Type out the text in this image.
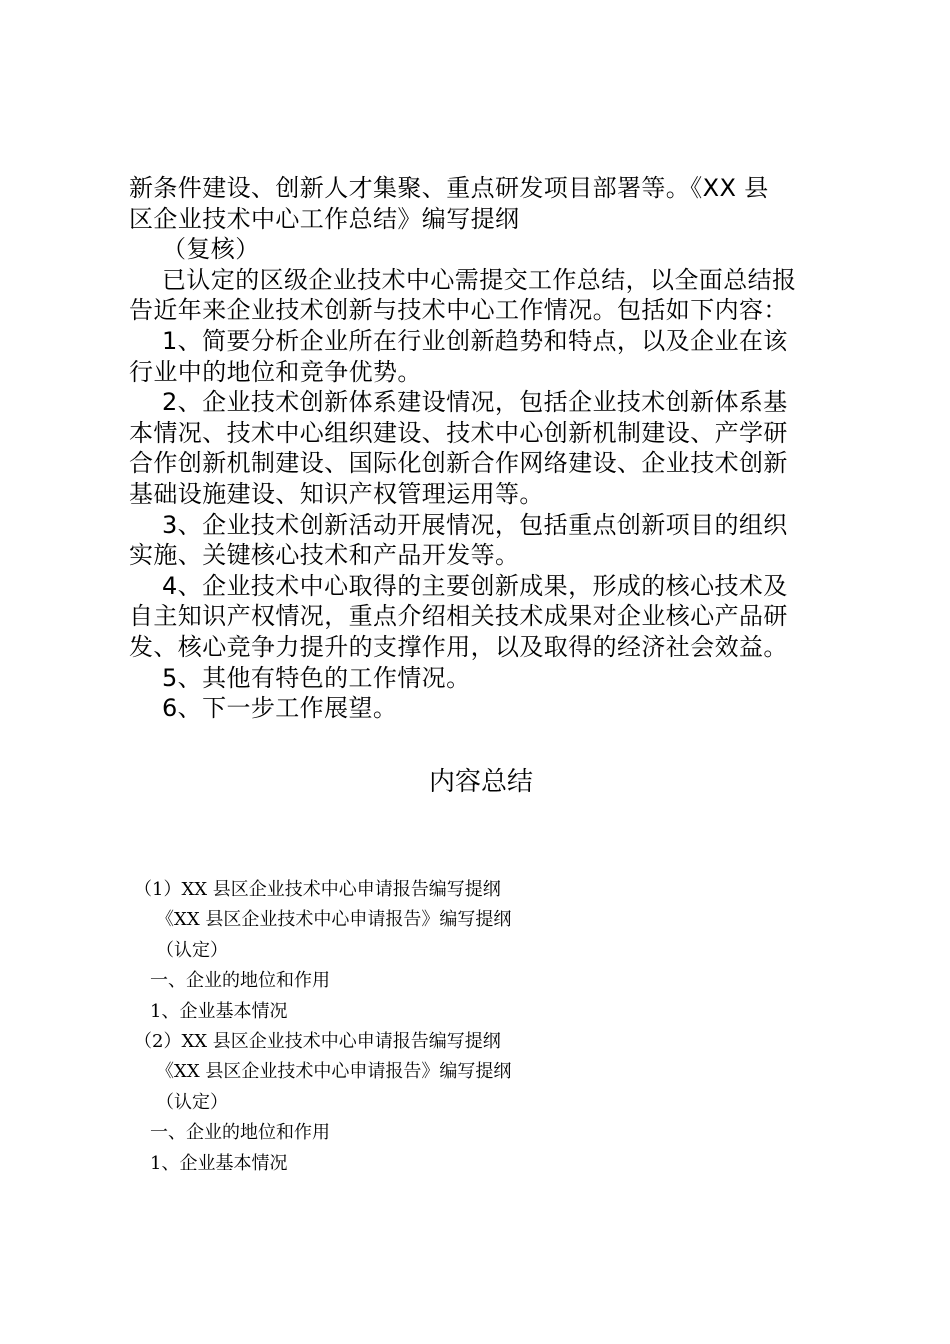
新条件建设、创新人才集聚、重点研发项目部署等。《XX 县

区企业技术中心工作总结》编写提纲

（复核）

已认定的区级企业技术中心需提交工作总结，以全面总结报

告近年来企业技术创新与技术中心工作情况。包括如下内容：

1、简要分析企业所在行业创新趋势和特点，以及企业在该

行业中的地位和竞争优势。

2、企业技术创新体系建设情况，包括企业技术创新体系基

本情况、技术中心组织建设、技术中心创新机制建设、产学研

合作创新机制建设、国际化创新合作网络建设、企业技术创新

基础设施建设、知识产权管理运用等。

3、企业技术创新活动开展情况，包括重点创新项目的组织

实施、关键核心技术和产品开发等。

4、企业技术中心取得的主要创新成果，形成的核心技术及

自主知识产权情况，重点介绍相关技术成果对企业核心产品研

发、核心竞争力提升的支撑作用，以及取得的经济社会效益。

5、其他有特色的工作情况。

6、下一步工作展望。

内容总结

（1）XX 县区企业技术中心申请报告编写提纲

《XX 县区企业技术中心申请报告》编写提纲

（认定）

一、企业的地位和作用

1、企业基本情况

（2）XX 县区企业技术中心申请报告编写提纲

《XX 县区企业技术中心申请报告》编写提纲

（认定）

一、企业的地位和作用

1、企业基本情况
